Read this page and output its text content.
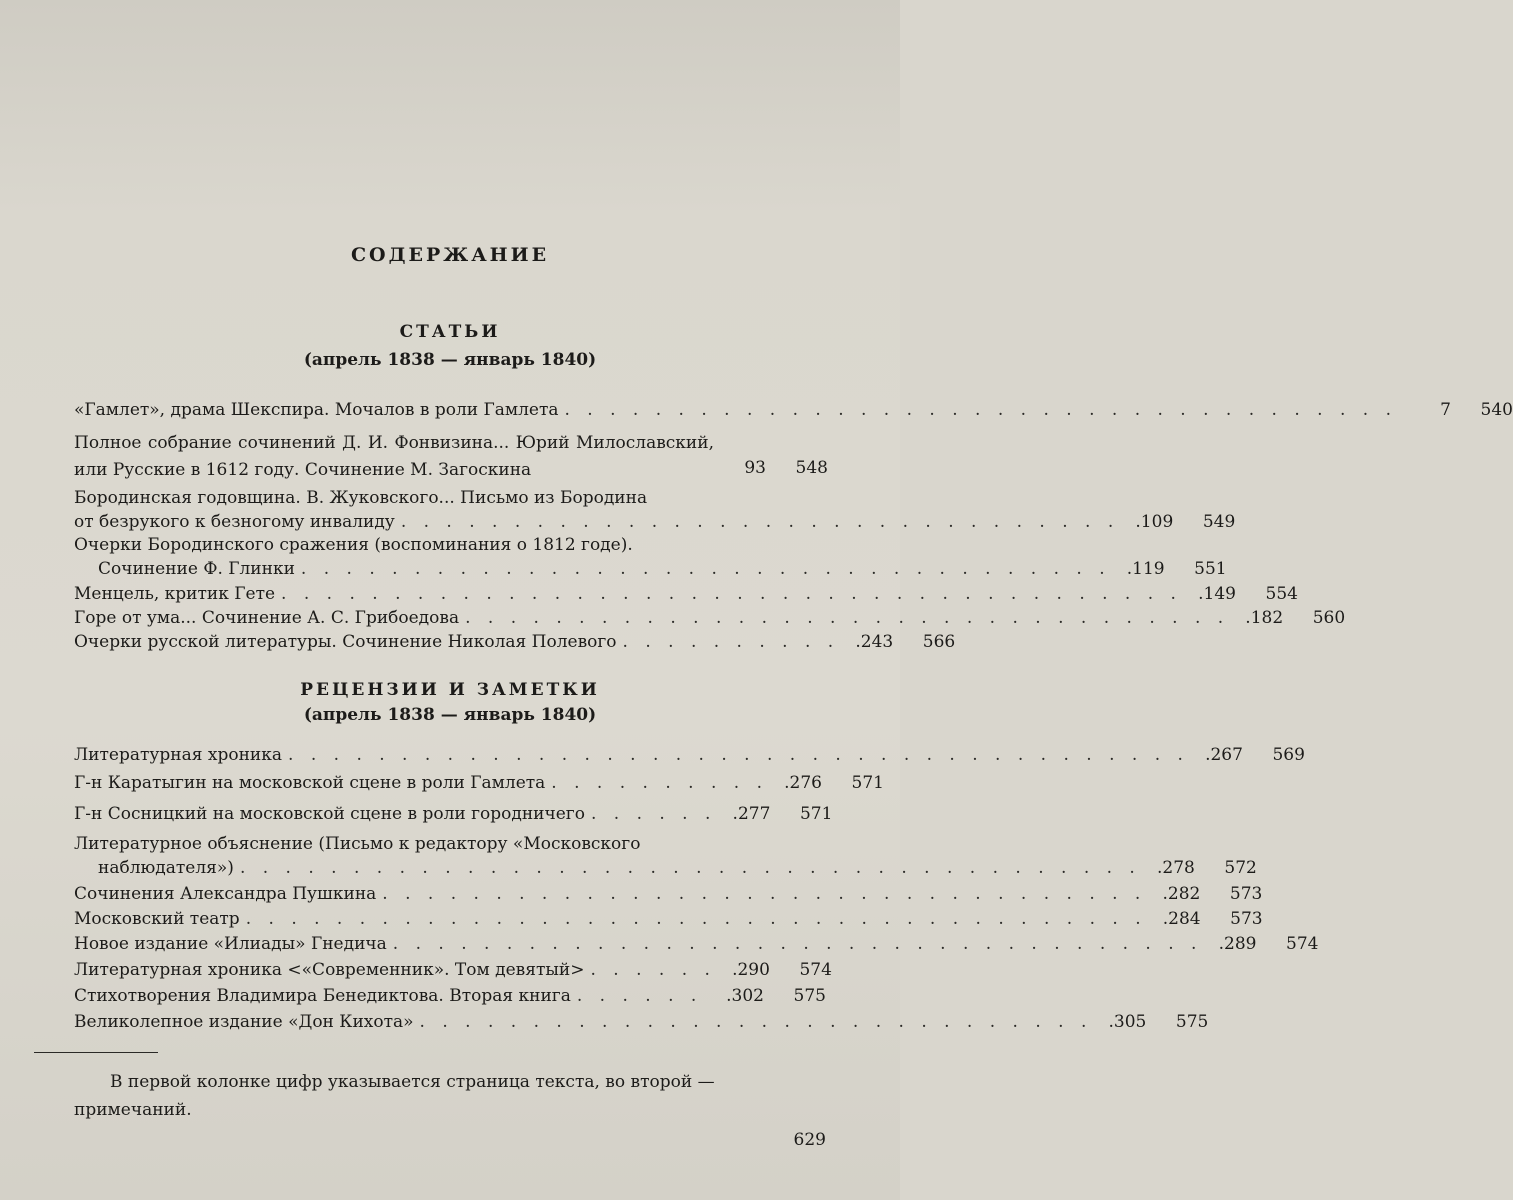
СОДЕРЖАНИЕ
СТАТЬИ
(апрель 1838 — январь 1840)
«Гамлет», драма Шекспира. Мочалов в роли Гамлета . . . . . . . . . . . . . . . . . . . . . . . . . . . . . . . . . . . . .	7	540
Полное собрание сочинений Д. И. Фонвизина... Юрий Милославский, или Русские в 1612 году. Сочинение М. Загоскина	93	548
Бородинская годовщина. В. Жуковского... Письмо из Бородина
от безрукого к безногому инвалиду . . . . . . . . . . . . . . . . . . . . . . . . . . . . . . . . .109	549
Очерки Бородинского сражения (воспоминания о 1812 годе).
Сочинение Ф. Глинки . . . . . . . . . . . . . . . . . . . . . . . . . . . . . . . . . . . . .119	551
Менцель, критик Гете . . . . . . . . . . . . . . . . . . . . . . . . . . . . . . . . . . . . . . . . .149	554
Горе от ума... Сочинение А. С. Грибоедова . . . . . . . . . . . . . . . . . . . . . . . . . . . . . . . . . . .182	560
Очерки русской литературы. Сочинение Николая Полевого . . . . . . . . . . .243	566
РЕЦЕНЗИИ И ЗАМЕТКИ
(апрель 1838 — январь 1840)
Литературная хроника . . . . . . . . . . . . . . . . . . . . . . . . . . . . . . . . . . . . . . . . .267	569
Г-н Каратыгин на московской сцене в роли Гамлета . . . . . . . . . . .276	571
Г-н Сосницкий на московской сцене в роли городничего . . . . . . .277	571
Литературное объяснение (Письмо к редактору «Московского
наблюдателя») . . . . . . . . . . . . . . . . . . . . . . . . . . . . . . . . . . . . . . . . .278	572
Сочинения Александра Пушкина . . . . . . . . . . . . . . . . . . . . . . . . . . . . . . . . . . .282	573
Московский театр . . . . . . . . . . . . . . . . . . . . . . . . . . . . . . . . . . . . . . . . .284	573
Новое издание «Илиады» Гнедича . . . . . . . . . . . . . . . . . . . . . . . . . . . . . . . . . . . . .289	574
Литературная хроника <«Современник». Том девятый> . . . . . . .290	574
Стихотворения Владимира Бенедиктова. Вторая книга . . . . . .	.302	575
Великолепное издание «Дон Кихота» . . . . . . . . . . . . . . . . . . . . . . . . . . . . . . .305	575
В первой колонке цифр указывается страница текста, во второй — примечаний.
629
